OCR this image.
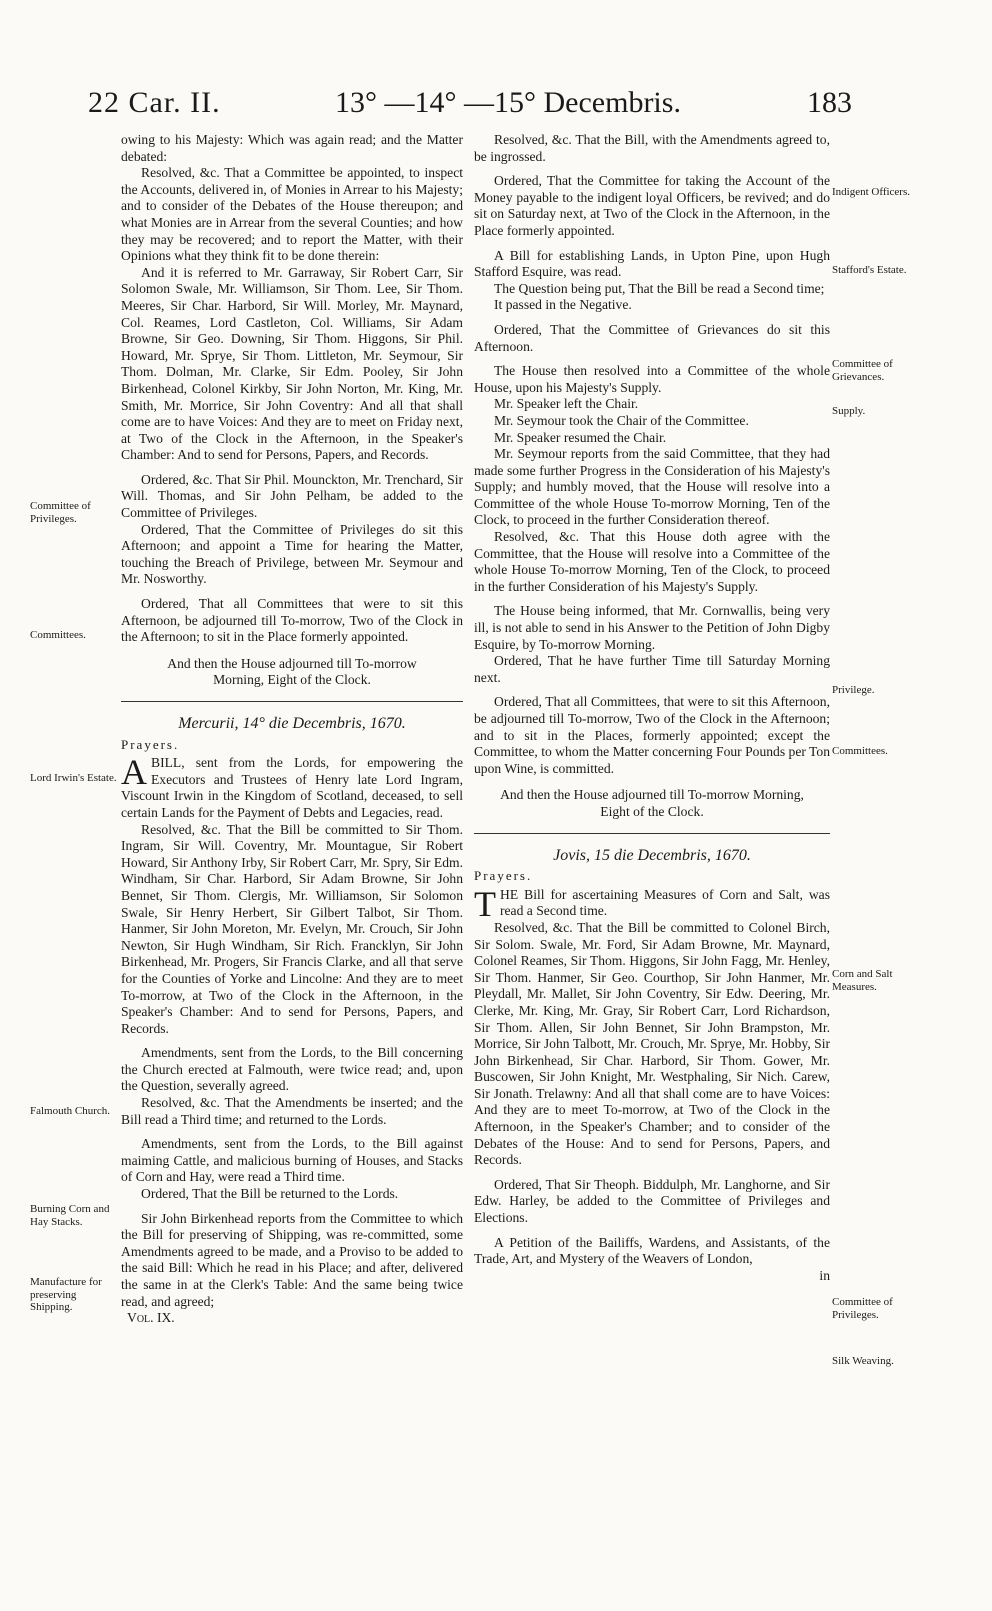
22 Car. II.	13° —14° —15° Decembris.	183

owing to his Majesty: Which was again read; and the Matter debated:

Resolved, &c. That a Committee be appointed, to inspect the Accounts, delivered in, of Monies in Arrear to his Majesty; and to consider of the Debates of the House thereupon; and what Monies are in Arrear from the several Counties; and how they may be recovered; and to report the Matter, with their Opinions what they think fit to be done therein:

And it is referred to Mr. Garraway, Sir Robert Carr, Sir Solomon Swale, Mr. Williamson, Sir Thom. Lee, Sir Thom. Meeres, Sir Char. Harbord, Sir Will. Morley, Mr. Maynard, Col. Reames, Lord Castleton, Col. Williams, Sir Adam Browne, Sir Geo. Downing, Sir Thom. Higgons, Sir Phil. Howard, Mr. Sprye, Sir Thom. Littleton, Mr. Seymour, Sir Thom. Dolman, Mr. Clarke, Sir Edm. Pooley, Sir John Birkenhead, Colonel Kirkby, Sir John Norton, Mr. King, Mr. Smith, Mr. Morrice, Sir John Coventry: And all that shall come are to have Voices: And they are to meet on Friday next, at Two of the Clock in the Afternoon, in the Speaker's Chamber: And to send for Persons, Papers, and Records.

Ordered, &c. That Sir Phil. Mounckton, Mr. Trenchard, Sir Will. Thomas, and Sir John Pelham, be added to the Committee of Privileges.

Ordered, That the Committee of Privileges do sit this Afternoon; and appoint a Time for hearing the Matter, touching the Breach of Privilege, between Mr. Seymour and Mr. Nosworthy.

Ordered, That all Committees that were to sit this Afternoon, be adjourned till To-morrow, Two of the Clock in the Afternoon; to sit in the Place formerly appointed.

And then the House adjourned till To-morrow Morning, Eight of the Clock.

Mercurii, 14° die Decembris, 1670.

Prayers.

ABILL, sent from the Lords, for empowering the Executors and Trustees of Henry late Lord Ingram, Viscount Irwin in the Kingdom of Scotland, deceased, to sell certain Lands for the Payment of Debts and Legacies, read.

Resolved, &c. That the Bill be committed to Sir Thom. Ingram, Sir Will. Coventry, Mr. Mountague, Sir Robert Howard, Sir Anthony Irby, Sir Robert Carr, Mr. Spry, Sir Edm. Windham, Sir Char. Harbord, Sir Adam Browne, Sir John Bennet, Sir Thom. Clergis, Mr. Williamson, Sir Solomon Swale, Sir Henry Herbert, Sir Gilbert Talbot, Sir Thom. Hanmer, Sir John Moreton, Mr. Evelyn, Mr. Crouch, Sir John Newton, Sir Hugh Windham, Sir Rich. Francklyn, Sir John Birkenhead, Mr. Progers, Sir Francis Clarke, and all that serve for the Counties of Yorke and Lincolne: And they are to meet To-morrow, at Two of the Clock in the Afternoon, in the Speaker's Chamber: And to send for Persons, Papers, and Records.

Amendments, sent from the Lords, to the Bill concerning the Church erected at Falmouth, were twice read; and, upon the Question, severally agreed.

Resolved, &c. That the Amendments be inserted; and the Bill read a Third time; and returned to the Lords.

Amendments, sent from the Lords, to the Bill against maiming Cattle, and malicious burning of Houses, and Stacks of Corn and Hay, were read a Third time.

Ordered, That the Bill be returned to the Lords.

Sir John Birkenhead reports from the Committee to which the Bill for preserving of Shipping, was re-committed, some Amendments agreed to be made, and a Proviso to be added to the said Bill: Which he read in his Place; and after, delivered the same in at the Clerk's Table: And the same being twice read, and agreed;

Vol. IX.

Resolved, &c. That the Bill, with the Amendments agreed to, be ingrossed.

Ordered, That the Committee for taking the Account of the Money payable to the indigent loyal Officers, be revived; and do sit on Saturday next, at Two of the Clock in the Afternoon, in the Place formerly appointed.

A Bill for establishing Lands, in Upton Pine, upon Hugh Stafford Esquire, was read.

The Question being put, That the Bill be read a Second time;

It passed in the Negative.

Ordered, That the Committee of Grievances do sit this Afternoon.

The House then resolved into a Committee of the whole House, upon his Majesty's Supply.

Mr. Speaker left the Chair.

Mr. Seymour took the Chair of the Committee.

Mr. Speaker resumed the Chair.

Mr. Seymour reports from the said Committee, that they had made some further Progress in the Consideration of his Majesty's Supply; and humbly moved, that the House will resolve into a Committee of the whole House To-morrow Morning, Ten of the Clock, to proceed in the further Consideration thereof.

Resolved, &c. That this House doth agree with the Committee, that the House will resolve into a Committee of the whole House To-morrow Morning, Ten of the Clock, to proceed in the further Consideration of his Majesty's Supply.

The House being informed, that Mr. Cornwallis, being very ill, is not able to send in his Answer to the Petition of John Digby Esquire, by To-morrow Morning.

Ordered, That he have further Time till Saturday Morning next.

Ordered, That all Committees, that were to sit this Afternoon, be adjourned till To-morrow, Two of the Clock in the Afternoon; and to sit in the Places, formerly appointed; except the Committee, to whom the Matter concerning Four Pounds per Ton upon Wine, is committed.

And then the House adjourned till To-morrow Morning, Eight of the Clock.

Jovis, 15 die Decembris, 1670.

Prayers.

THE Bill for ascertaining Measures of Corn and Salt, was read a Second time.

Resolved, &c. That the Bill be committed to Colonel Birch, Sir Solom. Swale, Mr. Ford, Sir Adam Browne, Mr. Maynard, Colonel Reames, Sir Thom. Higgons, Sir John Fagg, Mr. Henley, Sir Thom. Hanmer, Sir Geo. Courthop, Sir John Hanmer, Mr. Pleydall, Mr. Mallet, Sir John Coventry, Sir Edw. Deering, Mr. Clerke, Mr. King, Mr. Gray, Sir Robert Carr, Lord Richardson, Sir Thom. Allen, Sir John Bennet, Sir John Brampston, Mr. Morrice, Sir John Talbott, Mr. Crouch, Mr. Sprye, Mr. Hobby, Sir John Birkenhead, Sir Char. Harbord, Sir Thom. Gower, Mr. Buscowen, Sir John Knight, Mr. Westphaling, Sir Nich. Carew, Sir Jonath. Trelawny: And all that shall come are to have Voices: And they are to meet To-morrow, at Two of the Clock in the Afternoon, in the Speaker's Chamber; and to consider of the Debates of the House: And to send for Persons, Papers, and Records.

Ordered, That Sir Theoph. Biddulph, Mr. Langhorne, and Sir Edw. Harley, be added to the Committee of Privileges and Elections.

A Petition of the Bailiffs, Wardens, and Assistants, of the Trade, Art, and Mystery of the Weavers of London,

in

Committee of Privileges.
Committees.
Lord Irwin's Estate.
Falmouth Church.
Burning Corn and Hay Stacks.
Manufacture for preserving Shipping.
Indigent Officers.
Stafford's Estate.
Committee of Grievances.
Supply.
Privilege.
Committees.
Corn and Salt Measures.
Committee of Privileges.
Silk Weaving.
